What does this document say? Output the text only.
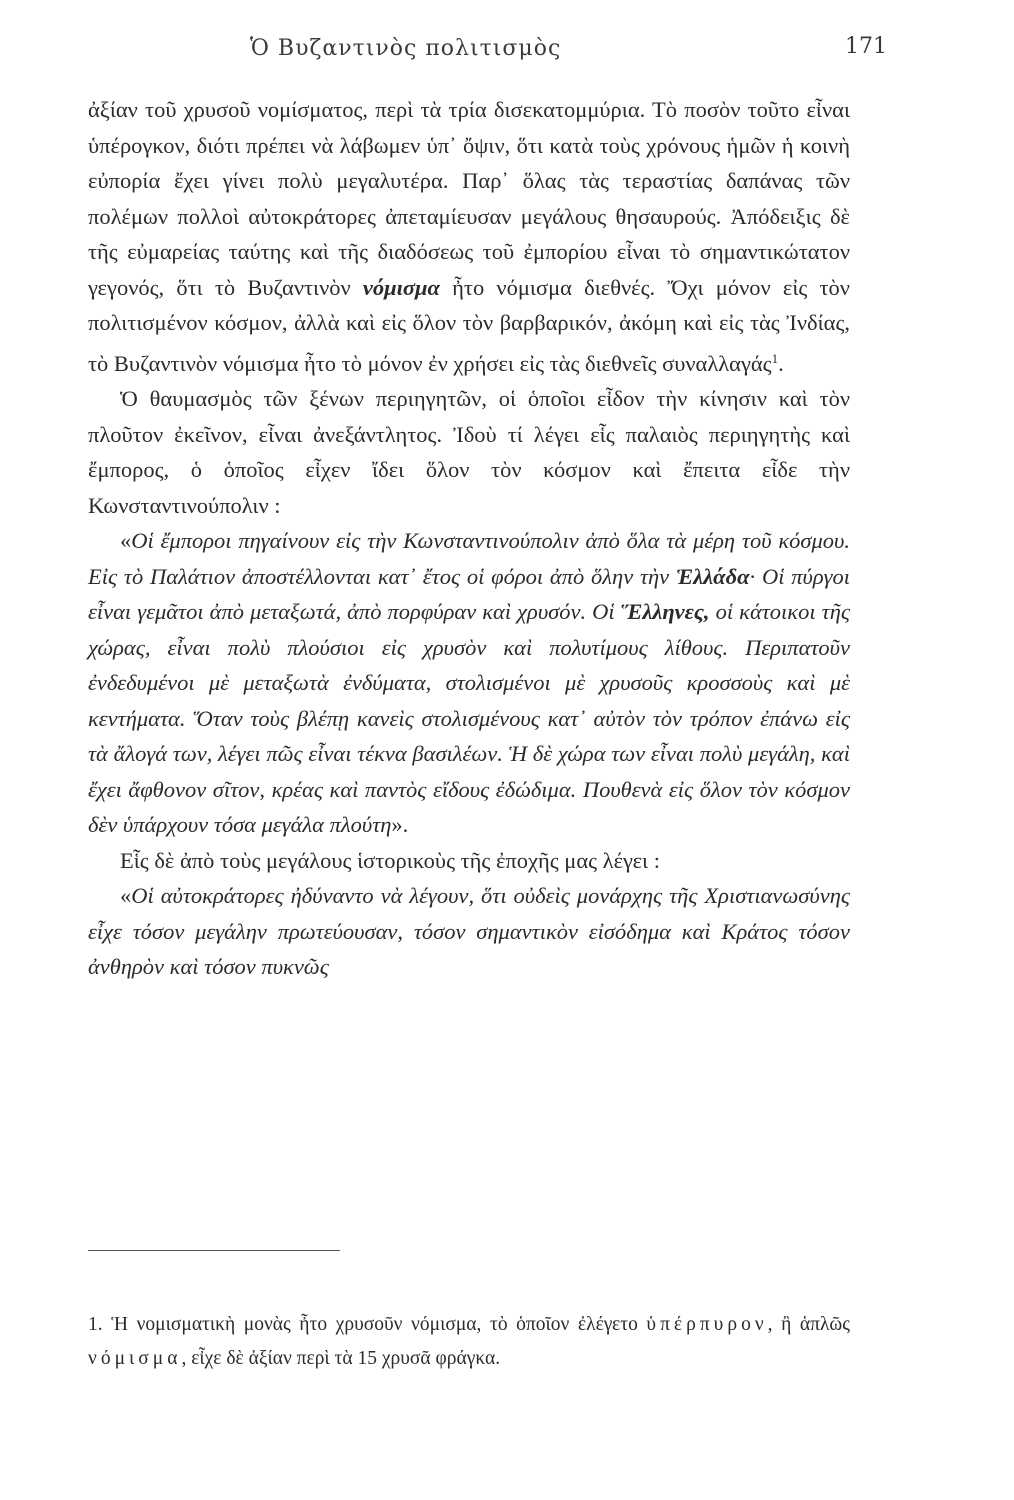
Ὁ Βυζαντινὸς πολιτισμὸς	171

ἀξίαν τοῦ χρυσοῦ νομίσματος, περὶ τὰ τρία δισεκατομμύρια. Τὸ ποσὸν τοῦτο εἶναι ὑπέρογκον, διότι πρέπει νὰ λάβωμεν ὑπ᾿ ὄψιν, ὅτι κατὰ τοὺς χρόνους ἡμῶν ἡ κοινὴ εὐπορία ἔχει γίνει πολὺ μεγαλυτέρα. Παρ᾿ ὅλας τὰς τεραστίας δαπάνας τῶν πολέμων πολλοὶ αὐτοκράτορες ἀπεταμίευσαν μεγάλους θησαυρούς. Ἀπόδειξις δὲ τῆς εὐμαρείας ταύτης καὶ τῆς διαδόσεως τοῦ ἐμπορίου εἶναι τὸ σημαντικώτατον γεγονός, ὅτι τὸ Βυζαντινὸν νόμισμα ἦτο νόμισμα διεθνές. Ὄχι μόνον εἰς τὸν πολιτισμένον κόσμον, ἀλλὰ καὶ εἰς ὅλον τὸν βαρβαρικόν, ἀκόμη καὶ εἰς τὰς Ἰνδίας, τὸ Βυζαντινὸν νόμισμα ἦτο τὸ μόνον ἐν χρήσει εἰς τὰς διεθνεῖς συναλλαγάς$^1$.

Ὁ θαυμασμὸς τῶν ξένων περιηγητῶν, οἱ ὁποῖοι εἶδον τὴν κίνησιν καὶ τὸν πλοῦτον ἐκεῖνον, εἶναι ἀνεξάντλητος. Ἰδοὺ τί λέγει εἷς παλαιὸς περιηγητὴς καὶ ἔμπορος, ὁ ὁποῖος εἶχεν ἴδει ὅλον τὸν κόσμον καὶ ἔπειτα εἶδε τὴν Κωνσταντινούπολιν :

«Οἱ ἔμποροι πηγαίνουν εἰς τὴν Κωνσταντινούπολιν ἀπὸ ὅλα τὰ μέρη τοῦ κόσμου. Εἰς τὸ Παλάτιον ἀποστέλλονται κατ᾿ ἔτος οἱ φόροι ἀπὸ ὅλην τὴν Ἑλλάδα· Οἱ πύργοι εἶναι γεμᾶτοι ἀπὸ μεταξωτά, ἀπὸ πορφύραν καὶ χρυσόν. Οἱ Ἕλληνες, οἱ κάτοικοι τῆς χώρας, εἶναι πολὺ πλούσιοι εἰς χρυσὸν καὶ πολυτίμους λίθους. Περιπατοῦν ἐνδεδυμένοι μὲ μεταξωτὰ ἐνδύματα, στολισμένοι μὲ χρυσοῦς κροσσοὺς καὶ μὲ κεντήματα. Ὅταν τοὺς βλέπῃ κανεὶς στολισμένους κατ᾿ αὐτὸν τὸν τρόπον ἐπάνω εἰς τὰ ἄλογά των, λέγει πῶς εἶναι τέκνα βασιλέων. Ἡ δὲ χώρα των εἶναι πολὺ μεγάλη, καὶ ἔχει ἄφθονον σῖτον, κρέας καὶ παντὸς εἴδους ἐδώδιμα. Πουθενὰ εἰς ὅλον τὸν κόσμον δὲν ὑπάρχουν τόσα μεγάλα πλούτη».

Εἷς δὲ ἀπὸ τοὺς μεγάλους ἱστορικοὺς τῆς ἐποχῆς μας λέγει :

«Οἱ αὐτοκράτορες ἠδύναντο νὰ λέγουν, ὅτι οὐδεὶς μονάρχης τῆς Χριστιανωσύνης εἶχε τόσον μεγάλην πρωτεύουσαν, τόσον σημαντικὸν εἰσόδημα καὶ Κράτος τόσον ἀνθηρὸν καὶ τόσον πυκνῶς

1. Ἡ νομισματικὴ μονὰς ἦτο χρυσοῦν νόμισμα, τὸ ὁποῖον ἐλέγετο ὑπέρπυρον, ἢ ἁπλῶς νόμισμα, εἶχε δὲ ἀξίαν περὶ τὰ 15 χρυσᾶ φράγκα.
